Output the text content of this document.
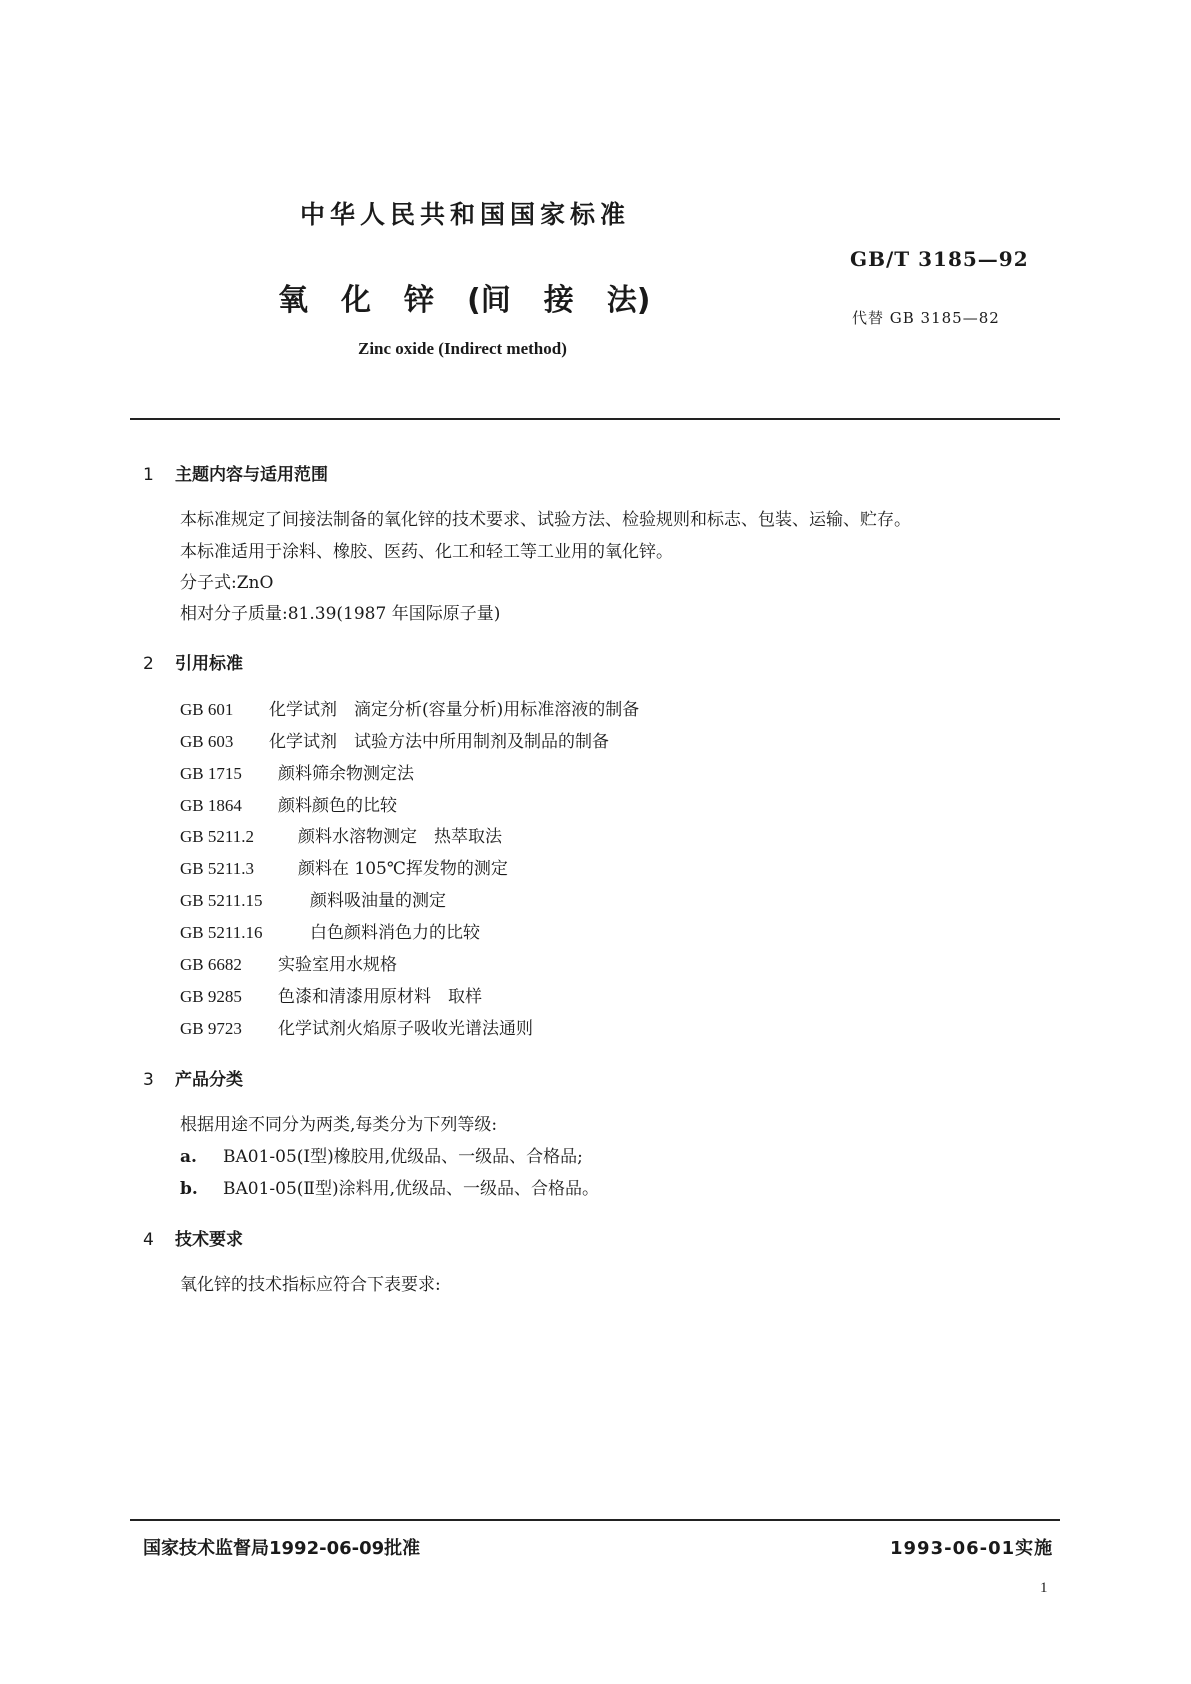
中华人民共和国国家标准
GB/T 3185—92
氧 化 锌 (间 接 法)	代替 GB 3185—82
Zinc oxide (Indirect method)
1 主题内容与适用范围
本标准规定了间接法制备的氧化锌的技术要求、试验方法、检验规则和标志、包装、运输、贮存。
本标准适用于涂料、橡胶、医药、化工和轻工等工业用的氧化锌。
分子式:ZnO
相对分子质量:81.39(1987 年国际原子量)
2 引用标准
GB 601 化学试剂　滴定分析(容量分析)用标准溶液的制备
GB 603 化学试剂　试验方法中所用制剂及制品的制备
GB 1715 颜料筛余物测定法
GB 1864 颜料颜色的比较
GB 5211.2	颜料水溶物测定　热萃取法
GB 5211.3	颜料在 105℃挥发物的测定
GB 5211.15	颜料吸油量的测定
GB 5211.16	白色颜料消色力的比较
GB 6682 实验室用水规格
GB 9285 色漆和清漆用原材料　取样
GB 9723 化学试剂火焰原子吸收光谱法通则
3 产品分类
根据用途不同分为两类,每类分为下列等级:
a. BA01-05(Ⅰ型)橡胶用,优级品、一级品、合格品;
b. BA01-05(Ⅱ型)涂料用,优级品、一级品、合格品。
4 技术要求
氧化锌的技术指标应符合下表要求:
国家技术监督局1992-06-09批准	1993-06-01实施
1
